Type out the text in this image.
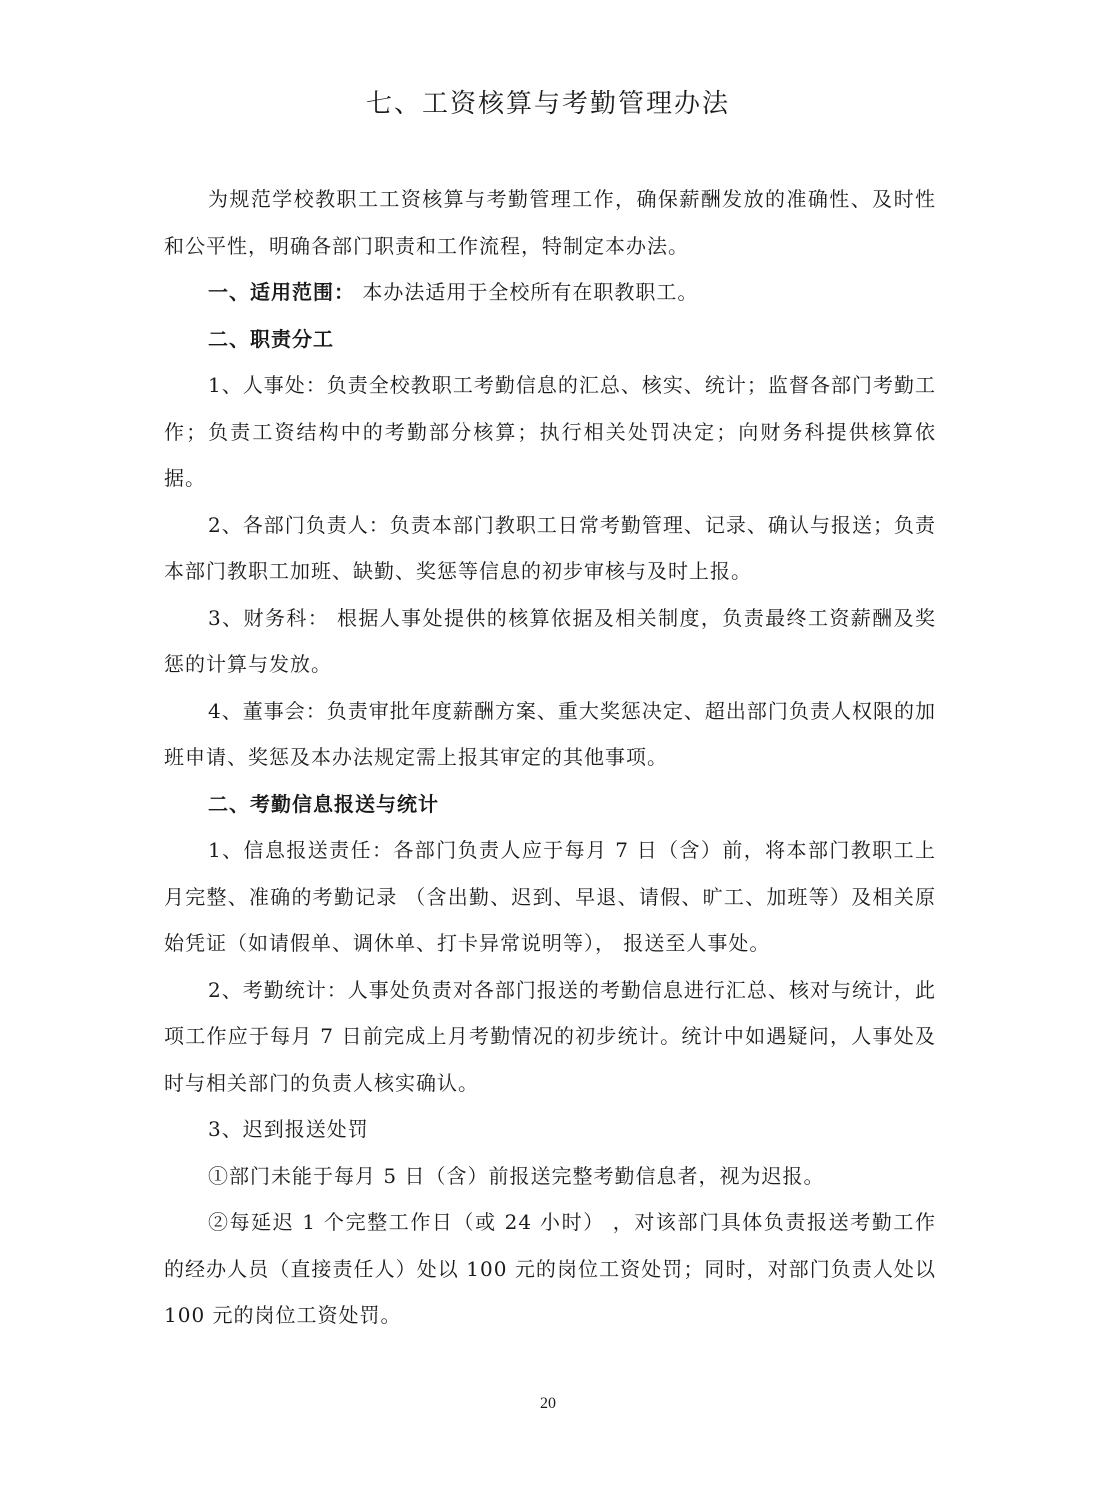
七、工资核算与考勤管理办法

为规范学校教职工工资核算与考勤管理工作，确保薪酬发放的准确性、及时性和公平性，明确各部门职责和工作流程，特制定本办法。

一、适用范围： 本办法适用于全校所有在职教职工。

二、职责分工

1、人事处：负责全校教职工考勤信息的汇总、核实、统计；监督各部门考勤工作；负责工资结构中的考勤部分核算；执行相关处罚决定；向财务科提供核算依据。

2、各部门负责人：负责本部门教职工日常考勤管理、记录、确认与报送；负责本部门教职工加班、缺勤、奖惩等信息的初步审核与及时上报。

3、财务科： 根据人事处提供的核算依据及相关制度，负责最终工资薪酬及奖惩的计算与发放。

4、董事会：负责审批年度薪酬方案、重大奖惩决定、超出部门负责人权限的加班申请、奖惩及本办法规定需上报其审定的其他事项。

二、考勤信息报送与统计

1、信息报送责任：各部门负责人应于每月 7 日（含）前，将本部门教职工上月完整、准确的考勤记录 （含出勤、迟到、早退、请假、旷工、加班等）及相关原始凭证（如请假单、调休单、打卡异常说明等）， 报送至人事处。

2、考勤统计：人事处负责对各部门报送的考勤信息进行汇总、核对与统计，此项工作应于每月 7 日前完成上月考勤情况的初步统计。统计中如遇疑问，人事处及时与相关部门的负责人核实确认。

3、迟到报送处罚

①部门未能于每月 5 日（含）前报送完整考勤信息者，视为迟报。

②每延迟 1 个完整工作日（或 24 小时） ，对该部门具体负责报送考勤工作的经办人员（直接责任人）处以 100 元的岗位工资处罚；同时，对部门负责人处以 100 元的岗位工资处罚。

20
